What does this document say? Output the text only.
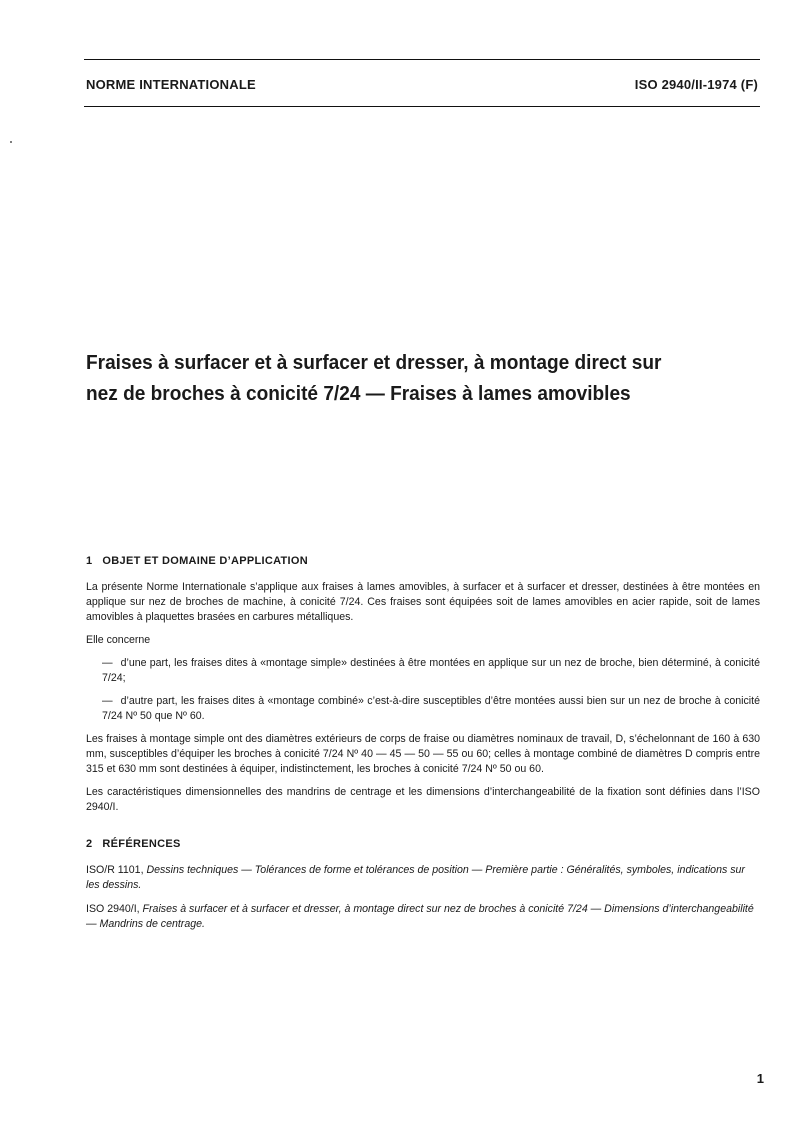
NORME INTERNATIONALE	ISO 2940/II-1974 (F)
Fraises à surfacer et à surfacer et dresser, à montage direct sur
nez de broches à conicité 7/24 — Fraises à lames amovibles
1 OBJET ET DOMAINE D’APPLICATION

La présente Norme Internationale s’applique aux fraises à lames amovibles, à surfacer et à surfacer et dresser, destinées à être montées en applique sur nez de broches de machine, à conicité 7/24. Ces fraises sont équipées soit de lames amovibles en acier rapide, soit de lames amovibles à plaquettes brasées en carbures métalliques.

Elle concerne

— d’une part, les fraises dites à «montage simple» destinées à être montées en applique sur un nez de broche, bien déterminé, à conicité 7/24;
— d’autre part, les fraises dites à «montage combiné» c’est-à-dire susceptibles d’être montées aussi bien sur un nez de broche à conicité 7/24 Nº 50 que Nº 60.

Les fraises à montage simple ont des diamètres extérieurs de corps de fraise ou diamètres nominaux de travail, D, s’échelonnant de 160 à 630 mm, susceptibles d’équiper les broches à conicité 7/24 Nº 40 — 45 — 50 — 55 ou 60; celles à montage combiné de diamètres D compris entre 315 et 630 mm sont destinées à équiper, indistinctement, les broches à conicité 7/24 Nº 50 ou 60.

Les caractéristiques dimensionnelles des mandrins de centrage et les dimensions d’interchangeabilité de la fixation sont définies dans l’ISO 2940/I.

2 RÉFÉRENCES
ISO/R 1101, Dessins techniques — Tolérances de forme et tolérances de position — Première partie : Généralités, symboles, indications sur les dessins.
ISO 2940/I, Fraises à surfacer et à surfacer et dresser, à montage direct sur nez de broches à conicité 7/24 — Dimensions d’interchangeabilité — Mandrins de centrage.
1
